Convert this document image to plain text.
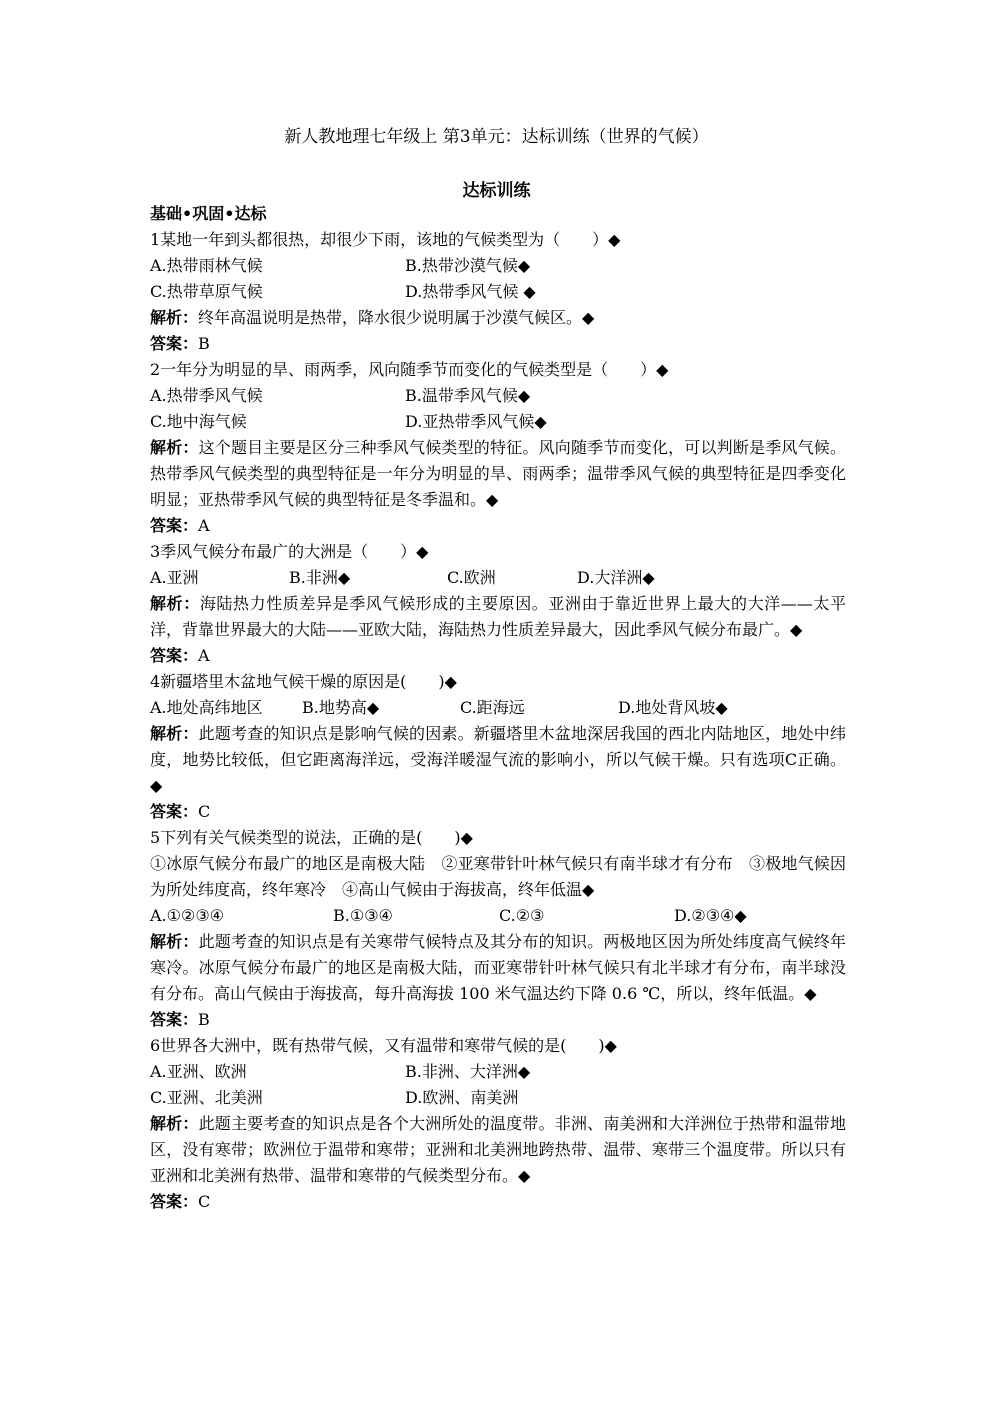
新人教地理七年级上 第3单元：达标训练（世界的气候）
达标训练
基础•巩固•达标
1某地一年到头都很热，却很少下雨，该地的气候类型为（　　）◆
A.热带雨林气候	B.热带沙漠气候◆
C.热带草原气候	D.热带季风气候 ◆
解析：终年高温说明是热带，降水很少说明属于沙漠气候区。◆
答案：B
2一年分为明显的旱、雨两季，风向随季节而变化的气候类型是（　　）◆
A.热带季风气候	B.温带季风气候◆
C.地中海气候	D.亚热带季风气候◆
解析：这个题目主要是区分三种季风气候类型的特征。风向随季节而变化，可以判断是季风气候。热带季风气候类型的典型特征是一年分为明显的旱、雨两季；温带季风气候的典型特征是四季变化明显；亚热带季风气候的典型特征是冬季温和。◆
答案：A
3季风气候分布最广的大洲是（　　）◆
A.亚洲	B.非洲◆	C.欧洲	D.大洋洲◆
解析：海陆热力性质差异是季风气候形成的主要原因。亚洲由于靠近世界上最大的大洋——太平洋，背靠世界最大的大陆——亚欧大陆，海陆热力性质差异最大，因此季风气候分布最广。◆
答案：A
4新疆塔里木盆地气候干燥的原因是(　　)◆
A.地处高纬地区	B.地势高◆	C.距海远	D.地处背风坡◆
解析：此题考查的知识点是影响气候的因素。新疆塔里木盆地深居我国的西北内陆地区，地处中纬度，地势比较低，但它距离海洋远，受海洋暖湿气流的影响小，所以气候干燥。只有选项C正确。◆
答案：C
5下列有关气候类型的说法，正确的是(　　)◆
①冰原气候分布最广的地区是南极大陆　②亚寒带针叶林气候只有南半球才有分布　③极地气候因为所处纬度高，终年寒冷　④高山气候由于海拔高，终年低温◆
A.①②③④	B.①③④	C.②③	D.②③④◆
解析：此题考查的知识点是有关寒带气候特点及其分布的知识。两极地区因为所处纬度高气候终年寒冷。冰原气候分布最广的地区是南极大陆，而亚寒带针叶林气候只有北半球才有分布，南半球没有分布。高山气候由于海拔高，每升高海拔 100 米气温达约下降 0.6 ℃，所以，终年低温。◆
答案：B
6世界各大洲中，既有热带气候，又有温带和寒带气候的是(　　)◆
A.亚洲、欧洲	B.非洲、大洋洲◆
C.亚洲、北美洲	D.欧洲、南美洲
解析：此题主要考查的知识点是各个大洲所处的温度带。非洲、南美洲和大洋洲位于热带和温带地区，没有寒带；欧洲位于温带和寒带；亚洲和北美洲地跨热带、温带、寒带三个温度带。所以只有亚洲和北美洲有热带、温带和寒带的气候类型分布。◆
答案：C
